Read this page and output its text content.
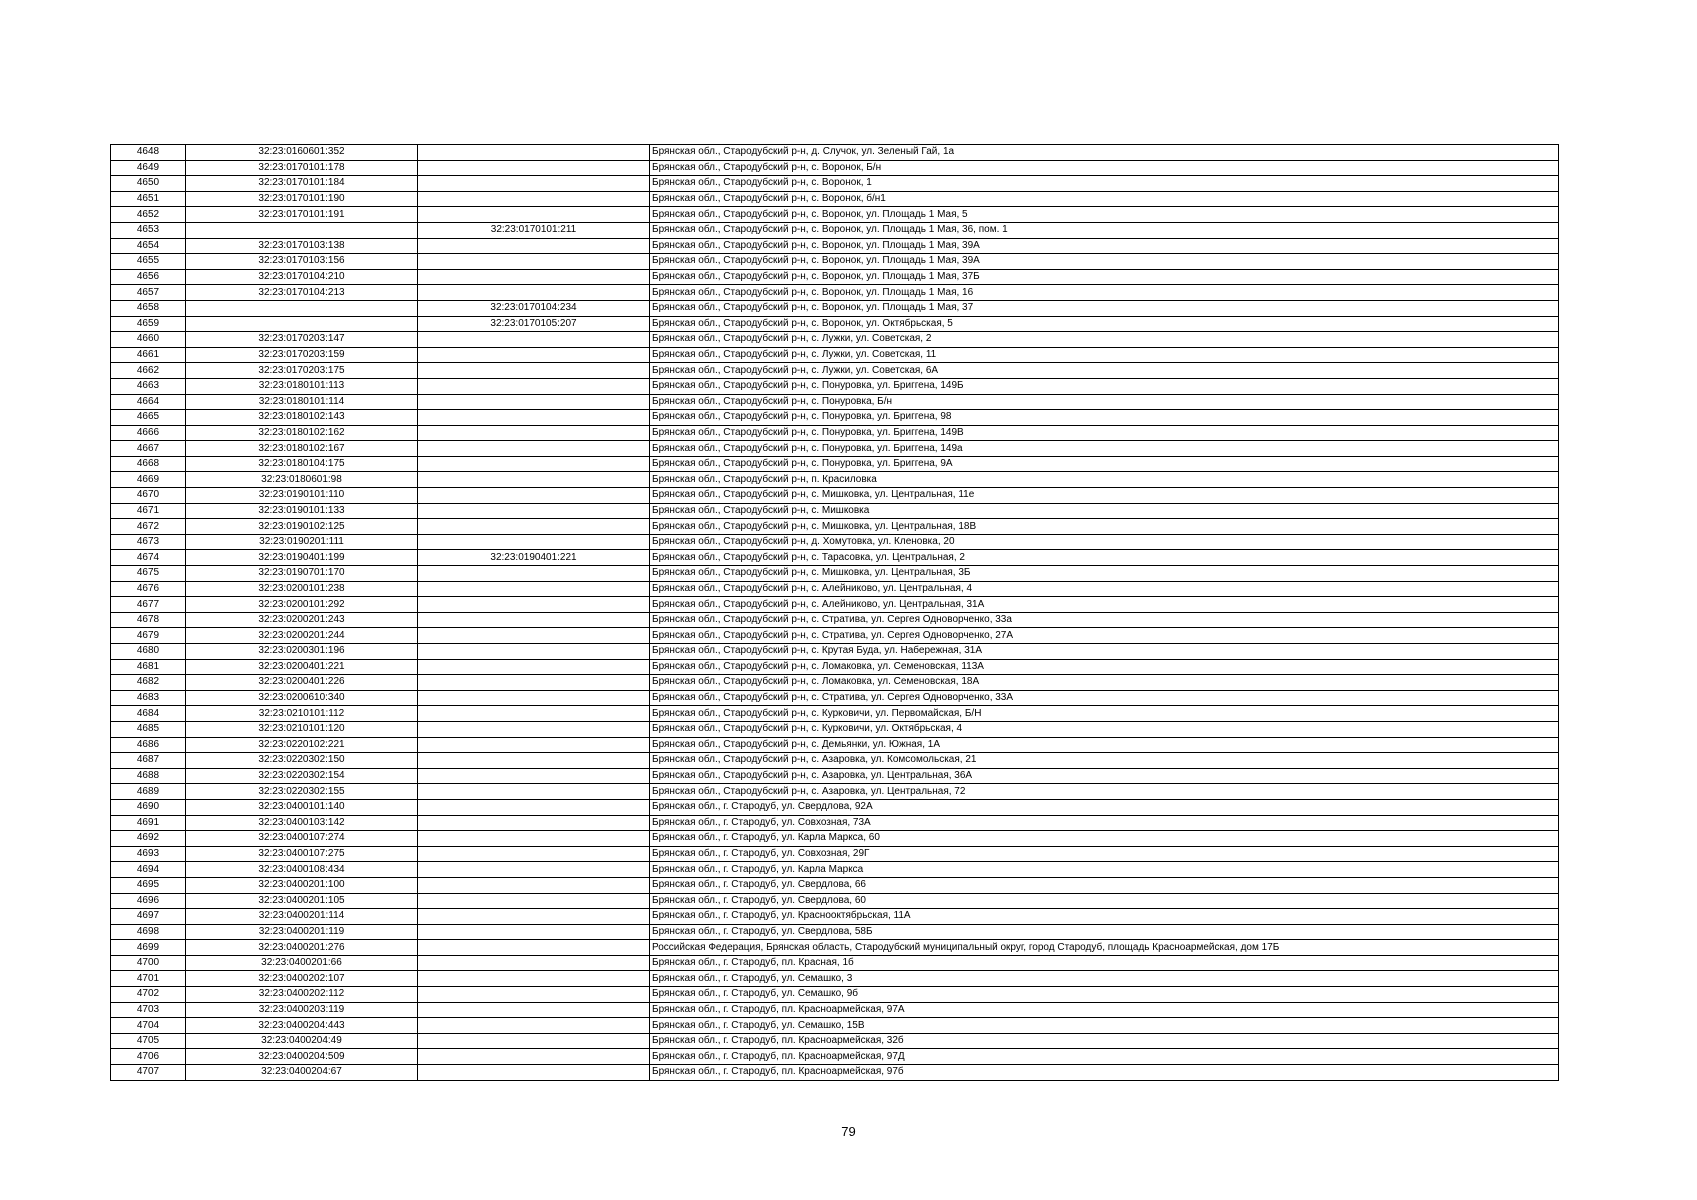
4648	32:23:0160601:352		Брянская обл., Стародубский р-н, д. Случок, ул. Зеленый Гай, 1а
4649	32:23:0170101:178		Брянская обл., Стародубский р-н, с. Воронок, Б/н
4650	32:23:0170101:184		Брянская обл., Стародубский р-н, с. Воронок, 1
4651	32:23:0170101:190		Брянская обл., Стародубский р-н, с. Воронок, б/н1
4652	32:23:0170101:191		Брянская обл., Стародубский р-н, с. Воронок, ул. Площадь 1 Мая, 5
4653		32:23:0170101:211	Брянская обл., Стародубский р-н, с. Воронок, ул. Площадь 1 Мая, 36, пом. 1
4654	32:23:0170103:138		Брянская обл., Стародубский р-н, с. Воронок, ул. Площадь 1 Мая, 39А
4655	32:23:0170103:156		Брянская обл., Стародубский р-н, с. Воронок, ул. Площадь 1 Мая, 39А
4656	32:23:0170104:210		Брянская обл., Стародубский р-н, с. Воронок, ул. Площадь 1 Мая, 37Б
4657	32:23:0170104:213		Брянская обл., Стародубский р-н, с. Воронок, ул. Площадь 1 Мая, 16
4658		32:23:0170104:234	Брянская обл., Стародубский р-н, с. Воронок, ул. Площадь 1 Мая, 37
4659		32:23:0170105:207	Брянская обл., Стародубский р-н, с. Воронок, ул. Октябрьская, 5
4660	32:23:0170203:147		Брянская обл., Стародубский р-н, с. Лужки, ул. Советская, 2
4661	32:23:0170203:159		Брянская обл., Стародубский р-н, с. Лужки, ул. Советская, 11
4662	32:23:0170203:175		Брянская обл., Стародубский р-н, с. Лужки, ул. Советская, 6А
4663	32:23:0180101:113		Брянская обл., Стародубский р-н, с. Понуровка, ул. Бриггена, 149Б
4664	32:23:0180101:114		Брянская обл., Стародубский р-н, с. Понуровка, Б/н
4665	32:23:0180102:143		Брянская обл., Стародубский р-н, с. Понуровка, ул. Бриггена, 98
4666	32:23:0180102:162		Брянская обл., Стародубский р-н, с. Понуровка, ул. Бриггена, 149В
4667	32:23:0180102:167		Брянская обл., Стародубский р-н, с. Понуровка, ул. Бриггена, 149а
4668	32:23:0180104:175		Брянская обл., Стародубский р-н, с. Понуровка, ул. Бриггена, 9А
4669	32:23:0180601:98		Брянская обл., Стародубский р-н, п. Красиловка
4670	32:23:0190101:110		Брянская обл., Стародубский р-н, с. Мишковка, ул. Центральная, 11е
4671	32:23:0190101:133		Брянская обл., Стародубский р-н, с. Мишковка
4672	32:23:0190102:125		Брянская обл., Стародубский р-н, с. Мишковка, ул. Центральная, 18В
4673	32:23:0190201:111		Брянская обл., Стародубский р-н, д. Хомутовка, ул. Кленовка, 20
4674	32:23:0190401:199	32:23:0190401:221	Брянская обл., Стародубский р-н, с. Тарасовка, ул. Центральная, 2
4675	32:23:0190701:170		Брянская обл., Стародубский р-н, с. Мишковка, ул. Центральная, 3Б
4676	32:23:0200101:238		Брянская обл., Стародубский р-н, с. Алейниково, ул. Центральная, 4
4677	32:23:0200101:292		Брянская обл., Стародубский р-н, с. Алейниково, ул. Центральная, 31А
4678	32:23:0200201:243		Брянская обл., Стародубский р-н, с. Стратива, ул. Сергея Одноворченко, 33а
4679	32:23:0200201:244		Брянская обл., Стародубский р-н, с. Стратива, ул. Сергея Одноворченко, 27А
4680	32:23:0200301:196		Брянская обл., Стародубский р-н, с. Крутая Буда, ул. Набережная, 31А
4681	32:23:0200401:221		Брянская обл., Стародубский р-н, с. Ломаковка, ул. Семеновская, 113А
4682	32:23:0200401:226		Брянская обл., Стародубский р-н, с. Ломаковка, ул. Семеновская, 18А
4683	32:23:0200610:340		Брянская обл., Стародубский р-н, с. Стратива, ул. Сергея Одноворченко, 33А
4684	32:23:0210101:112		Брянская обл., Стародубский р-н, с. Курковичи, ул. Первомайская, Б/Н
4685	32:23:0210101:120		Брянская обл., Стародубский р-н, с. Курковичи, ул. Октябрьская, 4
4686	32:23:0220102:221		Брянская обл., Стародубский р-н, с. Демьянки, ул. Южная, 1А
4687	32:23:0220302:150		Брянская обл., Стародубский р-н, с. Азаровка, ул. Комсомольская, 21
4688	32:23:0220302:154		Брянская обл., Стародубский р-н, с. Азаровка, ул. Центральная, 36А
4689	32:23:0220302:155		Брянская обл., Стародубский р-н, с. Азаровка, ул. Центральная, 72
4690	32:23:0400101:140		Брянская обл., г. Стародуб, ул. Свердлова, 92А
4691	32:23:0400103:142		Брянская обл., г. Стародуб, ул. Совхозная, 73А
4692	32:23:0400107:274		Брянская обл., г. Стародуб, ул. Карла Маркса, 60
4693	32:23:0400107:275		Брянская обл., г. Стародуб, ул. Совхозная, 29Г
4694	32:23:0400108:434		Брянская обл., г. Стародуб, ул. Карла Маркса
4695	32:23:0400201:100		Брянская обл., г. Стародуб, ул. Свердлова, 66
4696	32:23:0400201:105		Брянская обл., г. Стародуб, ул. Свердлова, 60
4697	32:23:0400201:114		Брянская обл., г. Стародуб, ул. Краснооктябрьская, 11А
4698	32:23:0400201:119		Брянская обл., г. Стародуб, ул. Свердлова, 58Б
4699	32:23:0400201:276		Российская Федерация, Брянская область, Стародубский муниципальный округ, город Стародуб, площадь Красноармейская, дом 17Б
4700	32:23:0400201:66		Брянская обл., г. Стародуб, пл. Красная, 1б
4701	32:23:0400202:107		Брянская обл., г. Стародуб, ул. Семашко, 3
4702	32:23:0400202:112		Брянская обл., г. Стародуб, ул. Семашко, 9б
4703	32:23:0400203:119		Брянская обл., г. Стародуб, пл. Красноармейская, 97А
4704	32:23:0400204:443		Брянская обл., г. Стародуб, ул. Семашко, 15В
4705	32:23:0400204:49		Брянская обл., г. Стародуб, пл. Красноармейская, 32б
4706	32:23:0400204:509		Брянская обл., г. Стародуб, пл. Красноармейская, 97Д
4707	32:23:0400204:67		Брянская обл., г. Стародуб, пл. Красноармейская, 97б
79
